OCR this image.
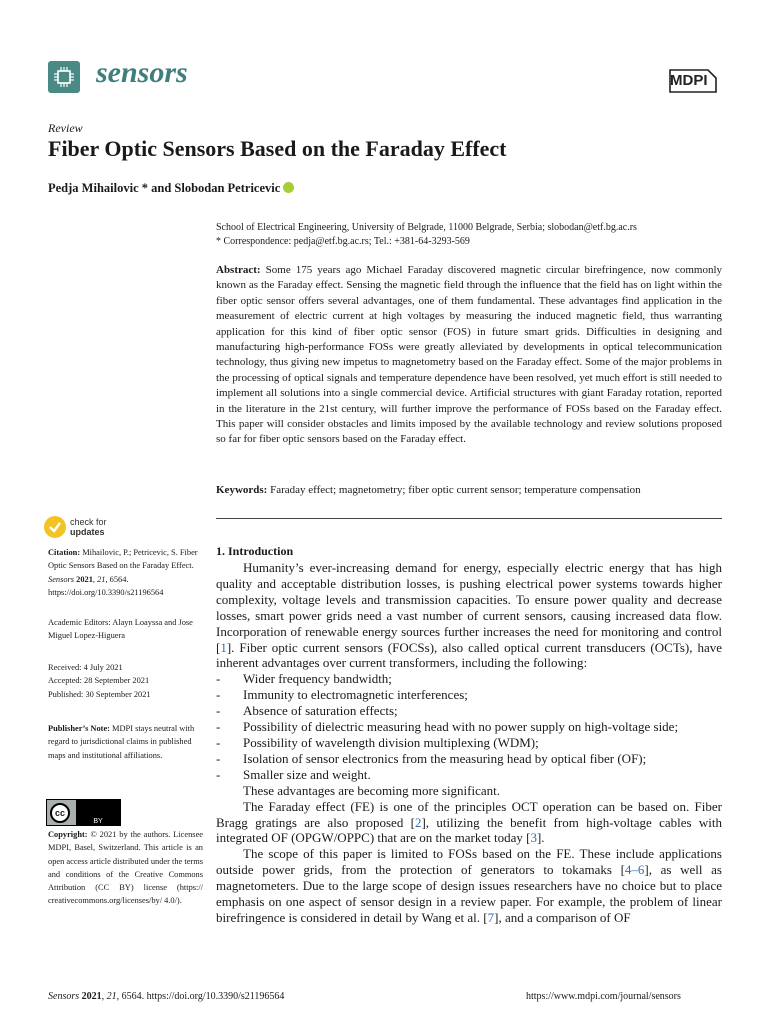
sensors	MDPI
Review
Fiber Optic Sensors Based on the Faraday Effect
Pedja Mihailovic * and Slobodan Petricevic
School of Electrical Engineering, University of Belgrade, 11000 Belgrade, Serbia; slobodan@etf.bg.ac.rs
* Correspondence: pedja@etf.bg.ac.rs; Tel.: +381-64-3293-569
Abstract: Some 175 years ago Michael Faraday discovered magnetic circular birefringence, now commonly known as the Faraday effect. Sensing the magnetic field through the influence that the field has on light within the fiber optic sensor offers several advantages, one of them fundamental. These advantages find application in the measurement of electric current at high voltages by measuring the induced magnetic field, thus warranting application for this kind of fiber optic sensor (FOS) in future smart grids. Difficulties in designing and manufacturing high-performance FOSs were greatly alleviated by developments in optical telecommunication technology, thus giving new impetus to magnetometry based on the Faraday effect. Some of the major problems in the processing of optical signals and temperature dependence have been resolved, yet much effort is still needed to implement all solutions into a single commercial device. Artificial structures with giant Faraday rotation, reported in the literature in the 21st century, will further improve the performance of FOSs based on the Faraday effect. This paper will consider obstacles and limits imposed by the available technology and review solutions proposed so far for fiber optic sensors based on the Faraday effect.
Keywords: Faraday effect; magnetometry; fiber optic current sensor; temperature compensation
check for
updates
Citation: Mihailovic, P.; Petricevic, S. Fiber Optic Sensors Based on the Faraday Effect. Sensors 2021, 21, 6564. https://doi.org/10.3390/s21196564
Academic Editors: Alayn Loayssa and Jose Miguel Lopez-Higuera
Received: 4 July 2021
Accepted: 28 September 2021
Published: 30 September 2021
Publisher’s Note: MDPI stays neutral with regard to jurisdictional claims in published maps and institutional affiliations.
cc
BY
Copyright: © 2021 by the authors. Licensee MDPI, Basel, Switzerland. This article is an open access article distributed under the terms and conditions of the Creative Commons Attribution (CC BY) license (https:// creativecommons.org/licenses/by/ 4.0/).
1. Introduction

Humanity’s ever-increasing demand for energy, especially electric energy that has high quality and acceptable distribution losses, is pushing electrical power systems towards higher complexity, voltage levels and transmission capacities. To ensure power quality and decrease losses, smart power grids need a vast number of current sensors, causing increased data flow. Incorporation of renewable energy sources further increases the need for monitoring and control [1]. Fiber optic current sensors (FOCSs), also called optical current transducers (OCTs), have inherent advantages over current transformers, including the following:

- Wider frequency bandwidth;
- Immunity to electromagnetic interferences;
- Absence of saturation effects;
- Possibility of dielectric measuring head with no power supply on high-voltage side;
- Possibility of wavelength division multiplexing (WDM);
- Isolation of sensor electronics from the measuring head by optical fiber (OF);
- Smaller size and weight.

These advantages are becoming more significant.

The Faraday effect (FE) is one of the principles OCT operation can be based on. Fiber Bragg gratings are also proposed [2], utilizing the benefit from high-voltage cables with integrated OF (OPGW/OPPC) that are on the market today [3].

The scope of this paper is limited to FOSs based on the FE. These include applications outside power grids, from the protection of generators to tokamaks [4–6], as well as magnetometers. Due to the large scope of design issues researchers have no choice but to place emphasis on one aspect of sensor design in a review paper. For example, the problem of linear birefringence is considered in detail by Wang et al. [7], and a comparison of OF

Sensors 2021, 21, 6564. https://doi.org/10.3390/s21196564	https://www.mdpi.com/journal/sensors
